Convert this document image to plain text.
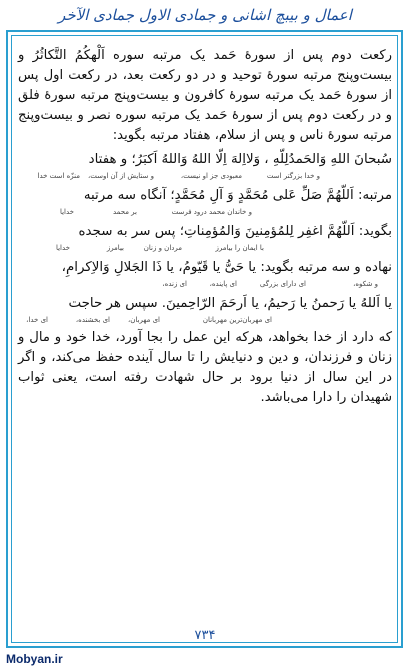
اعمال و بیبچ اشانی و جمادی الاول جمادی الآخر

رکعت دوم پس از سورۀ حَمد یک مرتبه سوره اَلْهکُمُ التَّکاثُرُ و بیست‌وپنج مرتبه سورۀ توحید و در دو رکعت بعد، در رکعت اول پس از سورۀ حَمد یک مرتبه سورۀ کافرون و بیست‌وپنج مرتبه سورۀ فلق و در رکعت دوم پس از سورۀ حَمد یک مرتبه سوره نصر و بیست‌وپنج مرتبه سورۀ ناس و پس از سلام، هفتاد مرتبه بگوید:

سُبحانَ اللهِ وَالحَمدُلِلّهِ ، وَلااِلهَ اِلّا اللهُ وَاللهُ اَکبَرُ؛ و هفتاد
منزّه است خدا و ستایش از آن اوست،	معبودی جز او نیست،	و خدا بزرگتر است
مرتبه: اَللّهُمَّ صَلِّ عَلی مُحَمَّدٍ وَ آلِ مُحَمَّدٍ؛ آنگاه سه مرتبه
خدایا	بر محمد	و خاندان محمد درود فرست
بگوید: اَللّهُمَّ اغفِر لِلمُؤمِنینَ وَالمُؤمِناتِ؛ پس سر به سجده
خدایا	بیامرز	مردان و زنان	با ایمان را بیامرز
نهاده و سه مرتبه بگوید: یا حَیُّ یا قَیّومُ، یا ذَا الجَلالِ وَالاِکرامِ،
ای زنده،	ای پاینده،	ای دارای بزرگی	و شکوه،
یا اَللهُ یا رَحمنُ یا رَحیمُ، یا اَرحَمَ الرّاحِمینَ. سپس هر حاجت
ای خدا،	ای بخشنده،	ای مهربان،	ای مهربان‌ترین مهربانان

که دارد از خدا بخواهد، هرکه این عمل را بجا آورد، خدا خود و مال و زنان و فرزندان، و دین و دنیایش را تا سال آینده حفظ می‌کند، و اگر در این سال از دنیا برود بر حال شهادت رفته است، یعنی ثواب شهیدان را دارا می‌باشد.

۷۳۴
Mobyan.ir
